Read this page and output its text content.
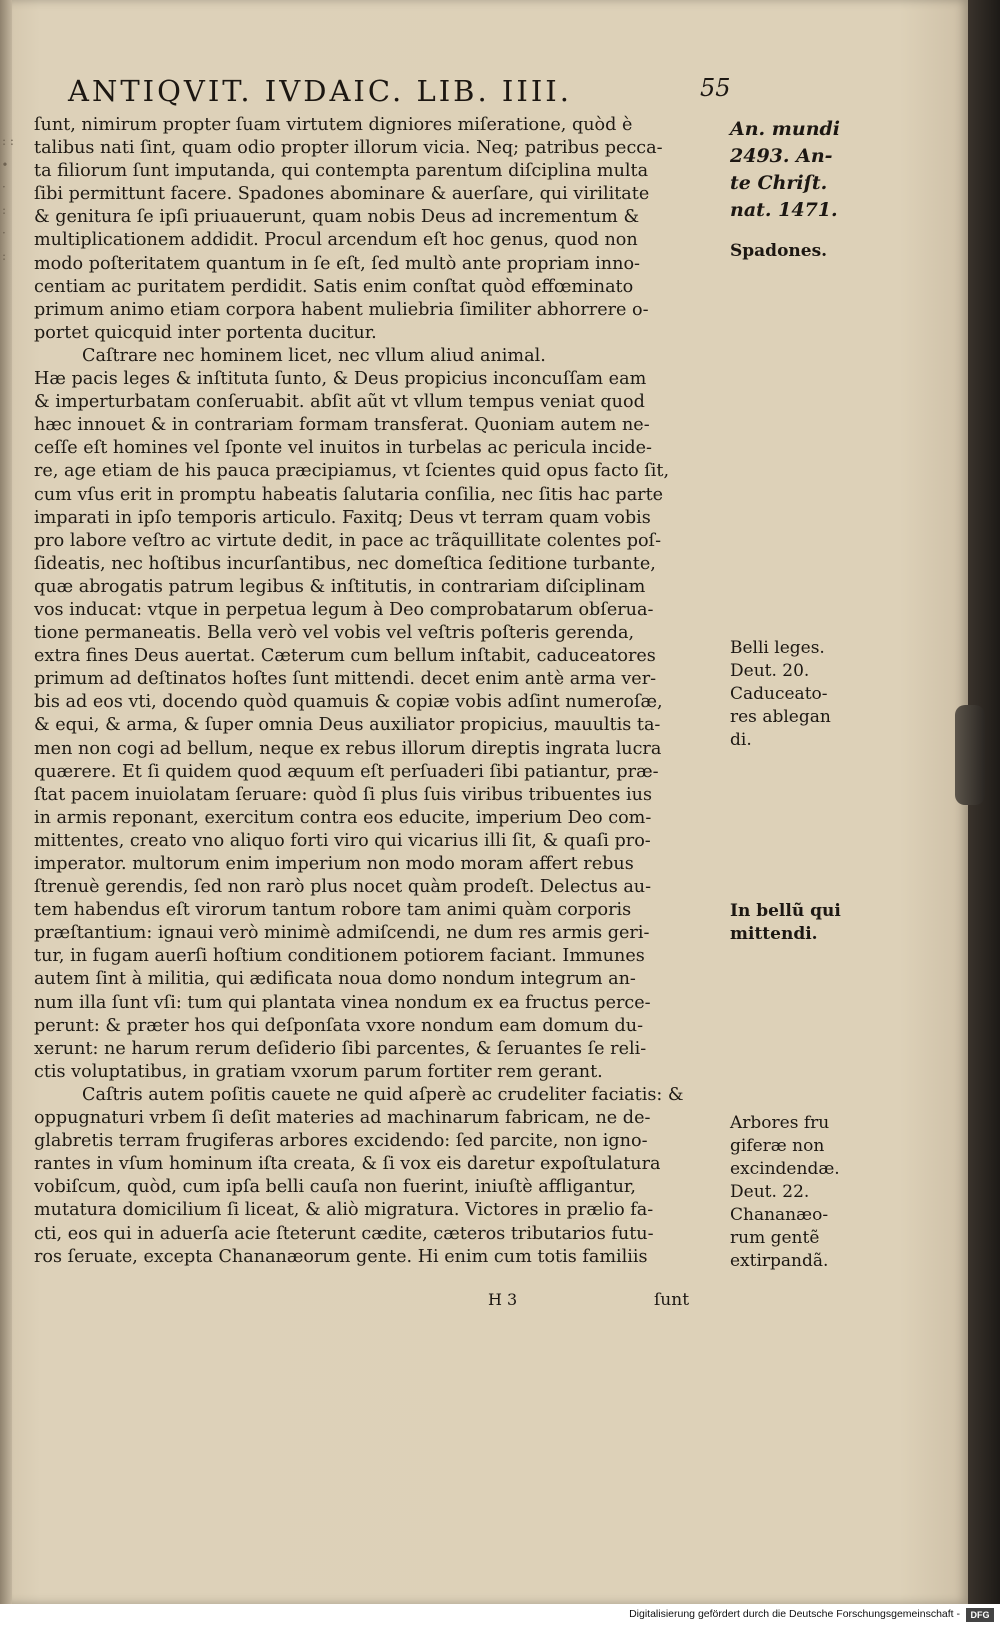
: : ∙
·
:
·
:
ANTIQVIT. IVDAIC. LIB. IIII.	55
ſunt, nimirum propter ſuam virtutem digniores miſeratione, quòd è
talibus nati ſint, quam odio propter illorum vicia. Neq; patribus pecca-
ta filiorum ſunt imputanda, qui contempta parentum diſciplina multa
ſibi permittunt facere. Spadones abominare & auerſare, qui virilitate
& genitura ſe ipſi priuauerunt, quam nobis Deus ad incrementum &
multiplicationem addidit. Procul arcendum eſt hoc genus, quod non
modo poſteritatem quantum in ſe eſt, ſed multò ante propriam inno-
centiam ac puritatem perdidit. Satis enim conſtat quòd effœminato
primum animo etiam corpora habent muliebria ſimiliter abhorrere o-
portet quicquid inter portenta ducitur.
Caſtrare nec hominem licet, nec vllum aliud animal.
Hæ pacis leges & inſtituta ſunto, & Deus propicius inconcuſſam eam
& imperturbatam conſeruabit. abſit aũt vt vllum tempus veniat quod
hæc innouet & in contrariam formam transferat. Quoniam autem ne-
ceſſe eſt homines vel ſponte vel inuitos in turbelas ac pericula incide-
re, age etiam de his pauca præcipiamus, vt ſcientes quid opus facto ſit,
cum vſus erit in promptu habeatis ſalutaria conſilia, nec ſitis hac parte
imparati in ipſo temporis articulo. Faxitq; Deus vt terram quam vobis
pro labore veſtro ac virtute dedit, in pace ac trãquillitate colentes poſ-
ſideatis, nec hoſtibus incurſantibus, nec domeſtica ſeditione turbante,
quæ abrogatis patrum legibus & inſtitutis, in contrariam diſciplinam
vos inducat: vtque in perpetua legum à Deo comprobatarum obſerua-
tione permaneatis. Bella verò vel vobis vel veſtris poſteris gerenda,
extra fines Deus auertat. Cæterum cum bellum inſtabit, caduceatores
primum ad deſtinatos hoſtes ſunt mittendi. decet enim antè arma ver-
bis ad eos vti, docendo quòd quamuis & copiæ vobis adſint numeroſæ,
& equi, & arma, & ſuper omnia Deus auxiliator propicius, mauultis ta-
men non cogi ad bellum, neque ex rebus illorum direptis ingrata lucra
quærere. Et ſi quidem quod æquum eſt perſuaderi ſibi patiantur, præ-
ſtat pacem inuiolatam ſeruare: quòd ſi plus ſuis viribus tribuentes ius
in armis reponant, exercitum contra eos educite, imperium Deo com-
mittentes, creato vno aliquo forti viro qui vicarius illi ſit, & quaſi pro-
imperator. multorum enim imperium non modo moram affert rebus
ſtrenuè gerendis, ſed non rarò plus nocet quàm prodeſt. Delectus au-
tem habendus eſt virorum tantum robore tam animi quàm corporis
præſtantium: ignaui verò minimè admiſcendi, ne dum res armis geri-
tur, in fugam auerſi hoſtium conditionem potiorem faciant. Immunes
autem ſint à militia, qui ædificata noua domo nondum integrum an-
num illa ſunt vſi: tum qui plantata vinea nondum ex ea fructus perce-
perunt: & præter hos qui deſponſata vxore nondum eam domum du-
xerunt: ne harum rerum deſiderio ſibi parcentes, & ſeruantes ſe reli-
ctis voluptatibus, in gratiam vxorum parum fortiter rem gerant.
Caſtris autem poſitis cauete ne quid aſperè ac crudeliter faciatis: &
oppugnaturi vrbem ſi deſit materies ad machinarum fabricam, ne de-
glabretis terram frugiferas arbores excidendo: ſed parcite, non igno-
rantes in vſum hominum iſta creata, & ſi vox eis daretur expoſtulatura
vobiſcum, quòd, cum ipſa belli cauſa non fuerint, iniuſtè affligantur,
mutatura domicilium ſi liceat, & aliò migratura. Victores in prælio fa-
cti, eos qui in aduerſa acie ſteterunt cædite, cæteros tributarios futu-
ros ſeruate, excepta Chananæorum gente. Hi enim cum totis familiis
An. mundi
2493. An-
te Chriſt.
nat. 1471.
Spadones.
Belli leges.
Deut. 20.
Caduceato-
res ablegan
di.
In bellũ qui
mittendi.
Arbores fru
giferæ non
excindendæ.
Deut. 22.
Chananæo-
rum gentẽ
extirpandã.
H 3	ſunt
Digitalisierung gefördert durch die Deutsche Forschungsgemeinschaft -	DFG
